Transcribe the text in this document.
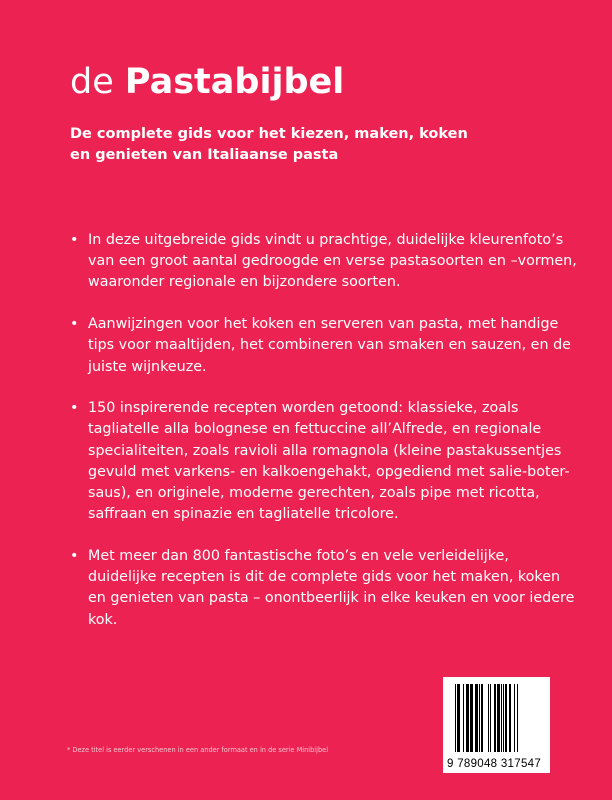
de Pastabijbel
De complete gids voor het kiezen, maken, koken
en genieten van Italiaanse pasta
• In deze uitgebreide gids vindt u prachtige, duidelijke kleurenfoto’s
van een groot aantal gedroogde en verse pastasoorten en –vormen,
waaronder regionale en bijzondere soorten.
• Aanwijzingen voor het koken en serveren van pasta, met handige
tips voor maaltijden, het combineren van smaken en sauzen, en de
juiste wijnkeuze.
• 150 inspirerende recepten worden getoond: klassieke, zoals
tagliatelle alla bolognese en fettuccine all’Alfrede, en regionale
specialiteiten, zoals ravioli alla romagnola (kleine pastakussentjes
gevuld met varkens- en kalkoengehakt, opgediend met salie-boter-
saus), en originele, moderne gerechten, zoals pipe met ricotta,
saffraan en spinazie en tagliatelle tricolore.
• Met meer dan 800 fantastische foto’s en vele verleidelijke,
duidelijke recepten is dit de complete gids voor het maken, koken
en genieten van pasta – onontbeerlijk in elke keuken en voor iedere
kok.
* Deze titel is eerder verschenen in een ander formaat en in de serie Minibijbel
9 789048 317547
